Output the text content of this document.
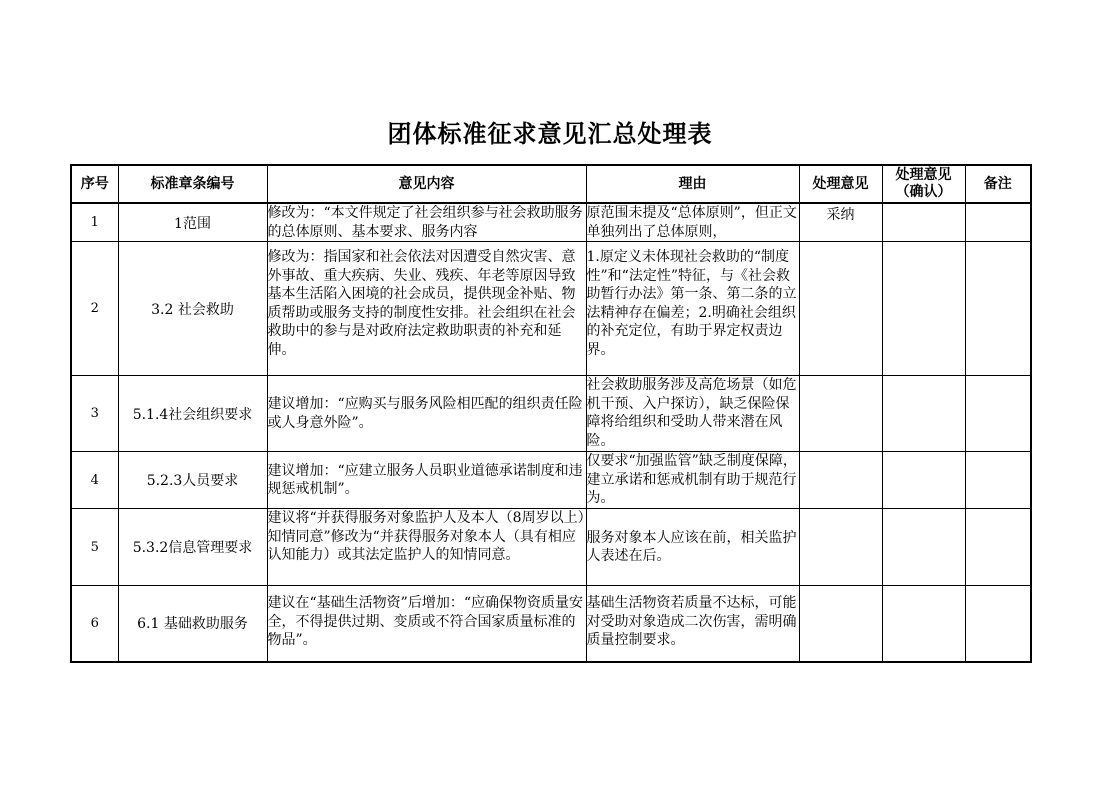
团体标准征求意见汇总处理表
序号	标准章条编号	意见内容	理由	处理意见	处理意见（确认）	备注
1	1范围	修改为：“本文件规定了社会组织参与社会救助服务的总体原则、基本要求、服务内容	原范围未提及“总体原则”，但正文单独列出了总体原则，	采纳		
2	3.2 社会救助	修改为：指国家和社会依法对因遭受自然灾害、意外事故、重大疾病、失业、残疾、年老等原因导致基本生活陷入困境的社会成员，提供现金补贴、物质帮助或服务支持的制度性安排。社会组织在社会救助中的参与是对政府法定救助职责的补充和延伸。	1.原定义未体现社会救助的“制度性”和“法定性”特征，与《社会救助暂行办法》第一条、第二条的立法精神存在偏差；2.明确社会组织的补充定位，有助于界定权责边界。			
3	5.1.4社会组织要求	建议增加：“应购买与服务风险相匹配的组织责任险或人身意外险”。	社会救助服务涉及高危场景（如危机干预、入户探访），缺乏保险保障将给组织和受助人带来潜在风险。			
4	5.2.3人员要求	建议增加：“应建立服务人员职业道德承诺制度和违规惩戒机制”。	仅要求“加强监管”缺乏制度保障，建立承诺和惩戒机制有助于规范行为。			
5	5.3.2信息管理要求	建议将“并获得服务对象监护人及本人（8周岁以上）知情同意”修改为“并获得服务对象本人（具有相应认知能力）或其法定监护人的知情同意。	服务对象本人应该在前，相关监护人表述在后。			
6	6.1 基础救助服务	建议在“基础生活物资”后增加：“应确保物资质量安全，不得提供过期、变质或不符合国家质量标准的物品”。	基础生活物资若质量不达标，可能对受助对象造成二次伤害，需明确质量控制要求。			
